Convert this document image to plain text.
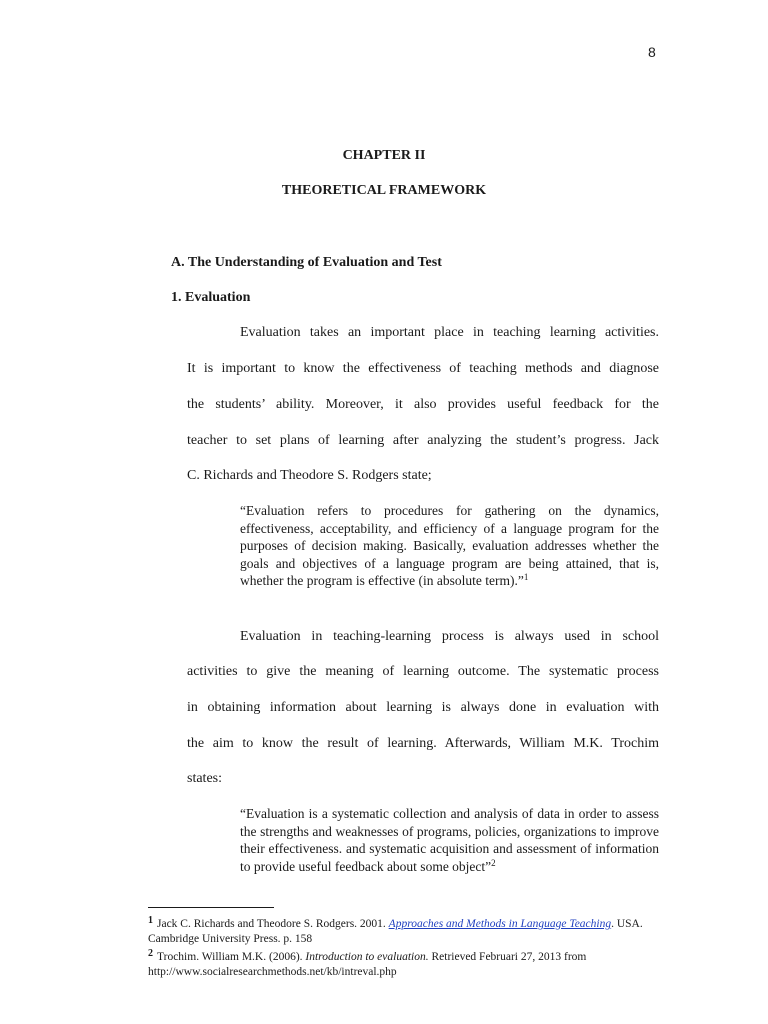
8
CHAPTER II
THEORETICAL FRAMEWORK
A. The Understanding of Evaluation and Test
1. Evaluation
Evaluation takes an important place in teaching learning activities.
It is important to know the effectiveness of teaching methods and diagnose
the students’ ability. Moreover, it also provides useful feedback for the
teacher to set plans of learning after analyzing the student’s progress. Jack
C. Richards and Theodore S. Rodgers state;
“Evaluation refers to procedures for gathering on the dynamics, effectiveness, acceptability, and efficiency of a language program for the purposes of decision making. Basically, evaluation addresses whether the goals and objectives of a language program are being attained, that is, whether the program is effective (in absolute term).”$^1$
Evaluation in teaching-learning process is always used in school
activities to give the meaning of learning outcome. The systematic process
in obtaining information about learning is always done in evaluation with
the aim to know the result of learning. Afterwards, William M.K. Trochim
states:
“Evaluation is a systematic collection and analysis of data in order to assess the strengths and weaknesses of programs, policies, organizations to improve their effectiveness. and systematic acquisition and assessment of information to provide useful feedback about some object”$^2$
1 Jack C. Richards and Theodore S. Rodgers. 2001. Approaches and Methods in Language Teaching. USA. Cambridge University Press. p. 158
2 Trochim. William M.K. (2006). Introduction to evaluation. Retrieved Februari 27, 2013 from
http://www.socialresearchmethods.net/kb/intreval.php
